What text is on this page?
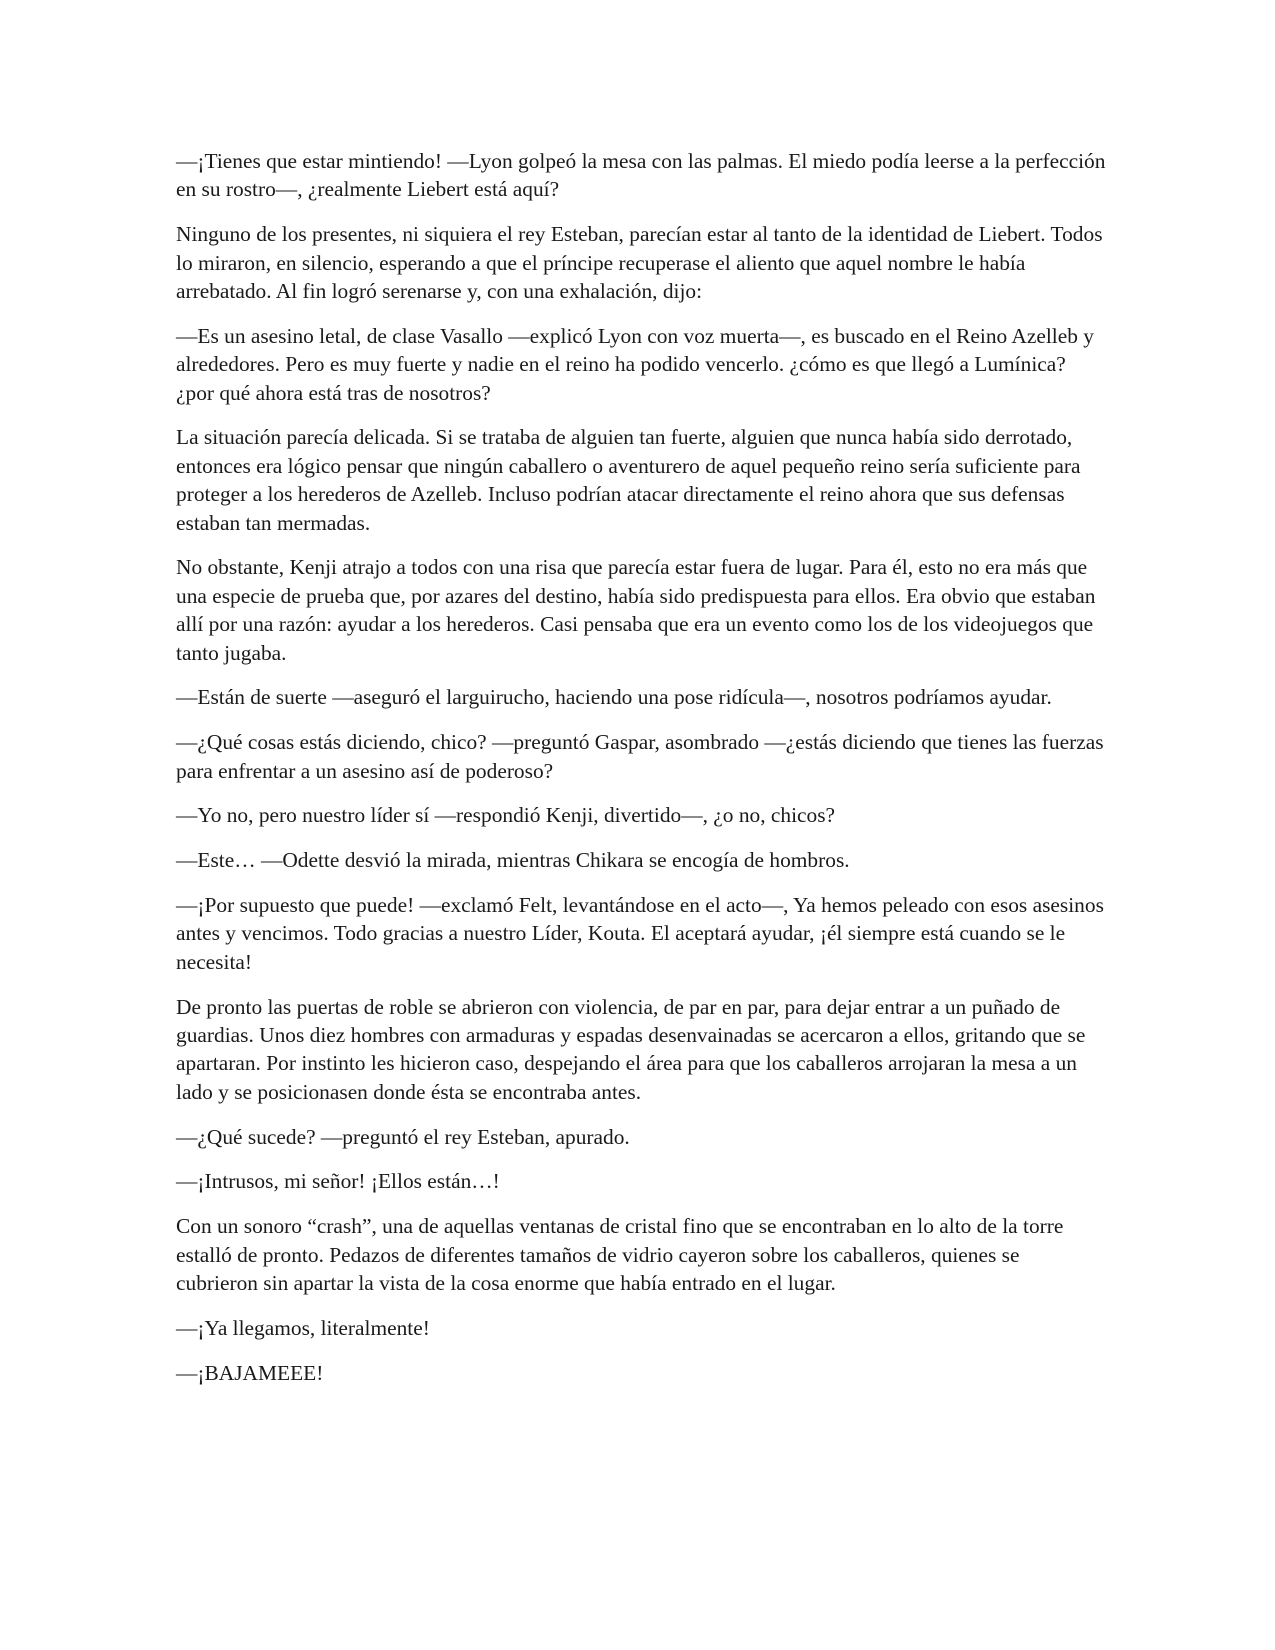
—¡Tienes que estar mintiendo! —Lyon golpeó la mesa con las palmas. El miedo podía leerse a la perfección en su rostro—, ¿realmente Liebert está aquí?

Ninguno de los presentes, ni siquiera el rey Esteban, parecían estar al tanto de la identidad de Liebert. Todos lo miraron, en silencio, esperando a que el príncipe recuperase el aliento que aquel nombre le había arrebatado. Al fin logró serenarse y, con una exhalación, dijo:

—Es un asesino letal, de clase Vasallo —explicó Lyon con voz muerta—, es buscado en el Reino Azelleb y alrededores. Pero es muy fuerte y nadie en el reino ha podido vencerlo. ¿cómo es que llegó a Lumínica? ¿por qué ahora está tras de nosotros?

La situación parecía delicada. Si se trataba de alguien tan fuerte, alguien que nunca había sido derrotado, entonces era lógico pensar que ningún caballero o aventurero de aquel pequeño reino sería suficiente para proteger a los herederos de Azelleb. Incluso podrían atacar directamente el reino ahora que sus defensas estaban tan mermadas.

No obstante, Kenji atrajo a todos con una risa que parecía estar fuera de lugar. Para él, esto no era más que una especie de prueba que, por azares del destino, había sido predispuesta para ellos. Era obvio que estaban allí por una razón: ayudar a los herederos. Casi pensaba que era un evento como los de los videojuegos que tanto jugaba.

—Están de suerte —aseguró el larguirucho, haciendo una pose ridícula—, nosotros podríamos ayudar.

—¿Qué cosas estás diciendo, chico? —preguntó Gaspar, asombrado —¿estás diciendo que tienes las fuerzas para enfrentar a un asesino así de poderoso?

—Yo no, pero nuestro líder sí —respondió Kenji, divertido—, ¿o no, chicos?

—Este… —Odette desvió la mirada, mientras Chikara se encogía de hombros.

—¡Por supuesto que puede! —exclamó Felt, levantándose en el acto—, Ya hemos peleado con esos asesinos antes y vencimos. Todo gracias a nuestro Líder, Kouta. El aceptará ayudar, ¡él siempre está cuando se le necesita!

De pronto las puertas de roble se abrieron con violencia, de par en par, para dejar entrar a un puñado de guardias. Unos diez hombres con armaduras y espadas desenvainadas se acercaron a ellos, gritando que se apartaran. Por instinto les hicieron caso, despejando el área para que los caballeros arrojaran la mesa a un lado y se posicionasen donde ésta se encontraba antes.

—¿Qué sucede? —preguntó el rey Esteban, apurado.

—¡Intrusos, mi señor! ¡Ellos están…!

Con un sonoro “crash”, una de aquellas ventanas de cristal fino que se encontraban en lo alto de la torre estalló de pronto. Pedazos de diferentes tamaños de vidrio cayeron sobre los caballeros, quienes se cubrieron sin apartar la vista de la cosa enorme que había entrado en el lugar.

—¡Ya llegamos, literalmente!

—¡BAJAMEEE!
